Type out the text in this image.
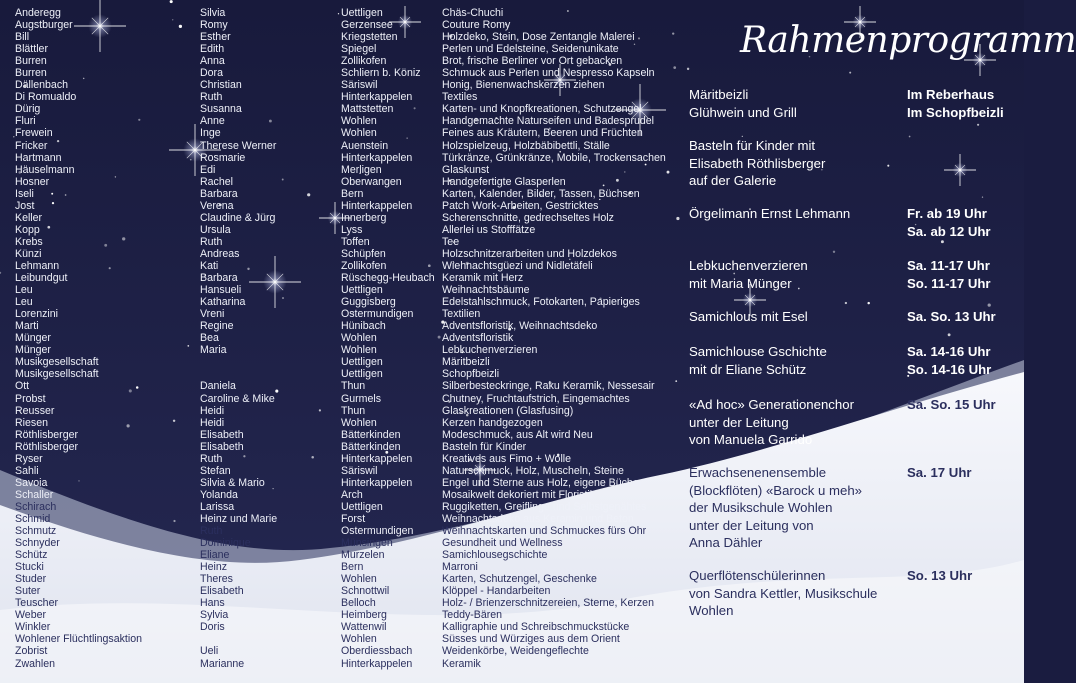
Anderegg
Augstburger
Bill
Blättler
Burren
Burren
Dällenbach
Di Romualdo
Dürig
Fluri
Frewein
Fricker
Hartmann
Häuselmann
Hosner
Iseli
Jost
Keller
Kopp
Krebs
Künzi
Lehmann
Leibundgut
Leu
Leu
Lorenzini
Marti
Münger
Münger
Musikgesellschaft
Musikgesellschaft
Ott
Probst
Reusser
Riesen
Röthlisberger
Röthlisberger
Ryser
Sahli
Savoia
Schaller
Schirach
Schmid
Schmutz
Schnyder
Schütz
Stucki
Studer
Suter
Teuscher
Weber
Winkler
Wohlener Flüchtlingsaktion
Zobrist
Zwahlen
Silvia
Romy
Esther
Edith
Anna
Dora
Christian
Ruth
Susanna
Anne
Inge
Therese Werner
Rosmarie
Edi
Rachel
Barbara
Verena
Claudine & Jürg
Ursula
Ruth
Andreas
Kati
Barbara
Hansueli
Katharina
Vreni
Regine
Bea
Maria
Daniela
Caroline & Mike
Heidi
Heidi
Elisabeth
Elisabeth
Ruth
Stefan
Silvia & Mario
Yolanda
Larissa
Heinz und Marie
Ruth
Dominique
Eliane
Heinz
Theres
Elisabeth
Hans
Sylvia
Doris
Ueli
Marianne
Uettligen
Gerzensee
Kriegstetten
Spiegel
Zollikofen
Schliern b. Köniz
Säriswil
Hinterkappelen
Mattstetten
Wohlen
Wohlen
Auenstein
Hinterkappelen
Merligen
Oberwangen
Bern
Hinterkappelen
Innerberg
Lyss
Toffen
Schüpfen
Zollikofen
Rüschegg-Heubach
Uettligen
Guggisberg
Ostermundigen
Hünibach
Wohlen
Wohlen
Uettligen
Uettligen
Thun
Gurmels
Thun
Wohlen
Bätterkinden
Bätterkinden
Hinterkappelen
Säriswil
Hinterkappelen
Arch
Uettligen
Forst
Ostermundigen
Münsingen
Murzelen
Bern
Wohlen
Schnottwil
Belloch
Heimberg
Wattenwil
Wohlen
Oberdiessbach
Hinterkappelen
Chäs-Chuchi
Couture Romy
Holzdeko, Stein, Dose Zentangle Malerei
Perlen und Edelsteine, Seidenunikate
Brot, frische Berliner vor Ort gebacken
Schmuck aus Perlen und Nespresso Kapseln
Honig, Bienenwachskerzen ziehen
Textiles
Karten- und Knopfkreationen, Schutzengel
Handgemachte Naturseifen und Badesprudel
Feines aus Kräutern, Beeren und Früchten
Holzspielzeug, Holzbäbibettli, Ställe
Türkränze, Grünkränze, Mobile, Trockensachen
Glaskunst
Handgefertigte Glasperlen
Karten, Kalender, Bilder, Tassen, Büchsen
Patch Work-Arbeiten, Gestricktes
Scherenschnitte, gedrechseltes Holz
Allerlei us Stofffätze
Tee
Holzschnitzerarbeiten und Holzdekos
Wiehnachtsgüezi und Nidletäfeli
Keramik mit Herz
Weihnachtsbäume
Edelstahlschmuck, Fotokarten, Papieriges
Textilien
Adventsfloristik, Weihnachtsdeko
Adventsfloristik
Lebkuchenverzieren
Märitbeizli
Schopfbeizli
Silberbesteckringe, Raku Keramik, Nessesair
Chutney, Fruchtaufstrich, Eingemachtes
Glaskreationen (Glasfusing)
Kerzen handgezogen
Modeschmuck, aus Alt wird Neu
Basteln für Kinder
Kreatives aus Fimo + Wolle
Naturschmuck, Holz, Muscheln, Steine
Engel und Sterne aus Holz, eigene Bücher
Mosaikwelt dekoriert mit Floristik
Ruggiketten, Greiflinge und Selbstgenähtes
Weihnachtsdeko aus Keramin und Beton
Weihnachtskarten und Schmuckes fürs Ohr
Gesundheit und Wellness
Samichlousegschichte
Marroni
Karten, Schutzengel, Geschenke
Klöppel - Handarbeiten
Holz- / Brienzerschnitzereien, Sterne, Kerzen
Teddy-Bären
Kalligraphie und Schreibschmuckstücke
Süsses und Würziges aus dem Orient
Weidenkörbe, Weidengeflechte
Keramik
Rahmenprogramm
Märitbeizli
Glühwein und Grill
Im Reberhaus
Im Schopfbeizli
Basteln für Kinder mit
Elisabeth Röthlisberger
auf der Galerie
Örgelimann Ernst Lehmann	Fr. ab 19 Uhr
Sa. ab 12 Uhr
Lebkuchenverzieren
mit Maria Münger
Sa. 11-17 Uhr
So. 11-17 Uhr
Samichlous mit Esel	Sa. So. 13 Uhr
Samichlouse Gschichte
mit dr Eliane Schütz
Sa. 14-16 Uhr
So. 14-16 Uhr
«Ad hoc» Generationenchor
unter der Leitung
von Manuela Garrido
Sa. So. 15 Uhr
Erwachsenenensemble
(Blockflöten) «Barock u meh»
der Musikschule Wohlen
unter der Leitung von
Anna Dähler
Sa. 17 Uhr
Querflötenschülerinnen
von Sandra Kettler, Musikschule
Wohlen
So. 13 Uhr
